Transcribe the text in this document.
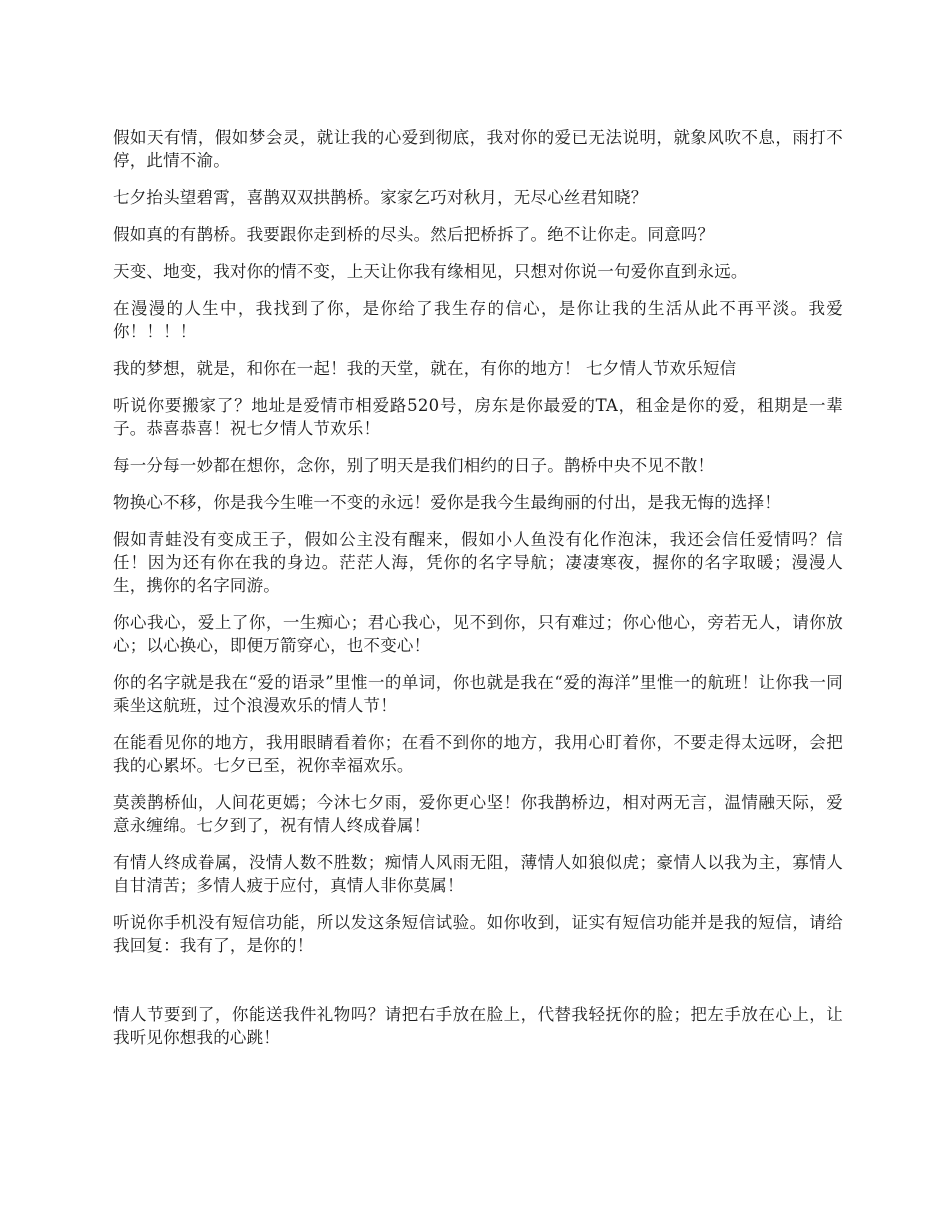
假如天有情，假如梦会灵，就让我的心爱到彻底，我对你的爱已无法说明，就象风吹不息，雨打不停，此情不渝。

七夕抬头望碧霄，喜鹊双双拱鹊桥。家家乞巧对秋月，无尽心丝君知晓？

假如真的有鹊桥。我要跟你走到桥的尽头。然后把桥拆了。绝不让你走。同意吗？

天变、地变，我对你的情不变，上天让你我有缘相见，只想对你说一句爱你直到永远。

在漫漫的人生中，我找到了你，是你给了我生存的信心，是你让我的生活从此不再平淡。我爱你！！！！

我的梦想，就是，和你在一起！我的天堂，就在，有你的地方！ 七夕情人节欢乐短信

听说你要搬家了？地址是爱情市相爱路520号，房东是你最爱的TA，租金是你的爱，租期是一辈子。恭喜恭喜！祝七夕情人节欢乐！

每一分每一妙都在想你，念你，别了明天是我们相约的日子。鹊桥中央不见不散！

物换心不移，你是我今生唯一不变的永远！爱你是我今生最绚丽的付出，是我无悔的选择！

假如青蛙没有变成王子，假如公主没有醒来，假如小人鱼没有化作泡沫，我还会信任爱情吗？信任！因为还有你在我的身边。茫茫人海，凭你的名字导航；凄凄寒夜，握你的名字取暖；漫漫人生，携你的名字同游。

你心我心，爱上了你，一生痴心；君心我心，见不到你，只有难过；你心他心，旁若无人，请你放心；以心换心，即便万箭穿心，也不变心！

你的名字就是我在“爱的语录”里惟一的单词，你也就是我在“爱的海洋”里惟一的航班！让你我一同乘坐这航班，过个浪漫欢乐的情人节！

在能看见你的地方，我用眼睛看着你；在看不到你的地方，我用心盯着你，不要走得太远呀，会把我的心累坏。七夕已至，祝你幸福欢乐。

莫羡鹊桥仙，人间花更嫣；今沐七夕雨，爱你更心坚！你我鹊桥边，相对两无言，温情融天际，爱意永缠绵。七夕到了，祝有情人终成眷属！

有情人终成眷属，没情人数不胜数；痴情人风雨无阻，薄情人如狼似虎；豪情人以我为主，寡情人自甘清苦；多情人疲于应付，真情人非你莫属！

听说你手机没有短信功能，所以发这条短信试验。如你收到，证实有短信功能并是我的短信，请给我回复：我有了，是你的！

情人节要到了，你能送我件礼物吗？请把右手放在脸上，代替我轻抚你的脸；把左手放在心上，让我听见你想我的心跳！
